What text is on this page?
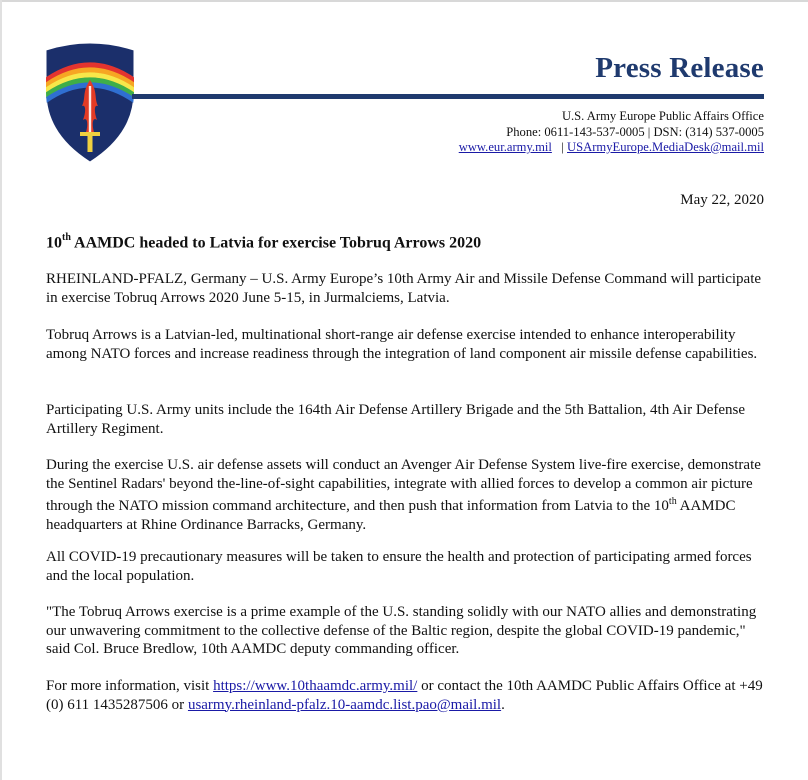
Press Release
U.S. Army Europe Public Affairs Office
Phone: 0611-143-537-0005 | DSN: (314) 537-0005
www.eur.army.mil | USArmyEurope.MediaDesk@mail.mil
May 22, 2020
10th AAMDC headed to Latvia for exercise Tobruq Arrows 2020

RHEINLAND-PFALZ, Germany – U.S. Army Europe’s 10th Army Air and Missile Defense Command will participate in exercise Tobruq Arrows 2020 June 5-15, in Jurmalciems, Latvia.

Tobruq Arrows is a Latvian-led, multinational short-range air defense exercise intended to enhance interoperability among NATO forces and increase readiness through the integration of land component air missile defense capabilities.

Participating U.S. Army units include the 164th Air Defense Artillery Brigade and the 5th Battalion, 4th Air Defense Artillery Regiment.

During the exercise U.S. air defense assets will conduct an Avenger Air Defense System live-fire exercise, demonstrate the Sentinel Radars' beyond the-line-of-sight capabilities, integrate with allied forces to develop a common air picture through the NATO mission command architecture, and then push that information from Latvia to the 10th AAMDC headquarters at Rhine Ordinance Barracks, Germany.

All COVID-19 precautionary measures will be taken to ensure the health and protection of participating armed forces and the local population.

"The Tobruq Arrows exercise is a prime example of the U.S. standing solidly with our NATO allies and demonstrating our unwavering commitment to the collective defense of the Baltic region, despite the global COVID-19 pandemic," said Col. Bruce Bredlow, 10th AAMDC deputy commanding officer.

For more information, visit https://www.10thaamdc.army.mil/ or contact the 10th AAMDC Public Affairs Office at +49 (0) 611 1435287506 or usarmy.rheinland-pfalz.10-aamdc.list.pao@mail.mil.
